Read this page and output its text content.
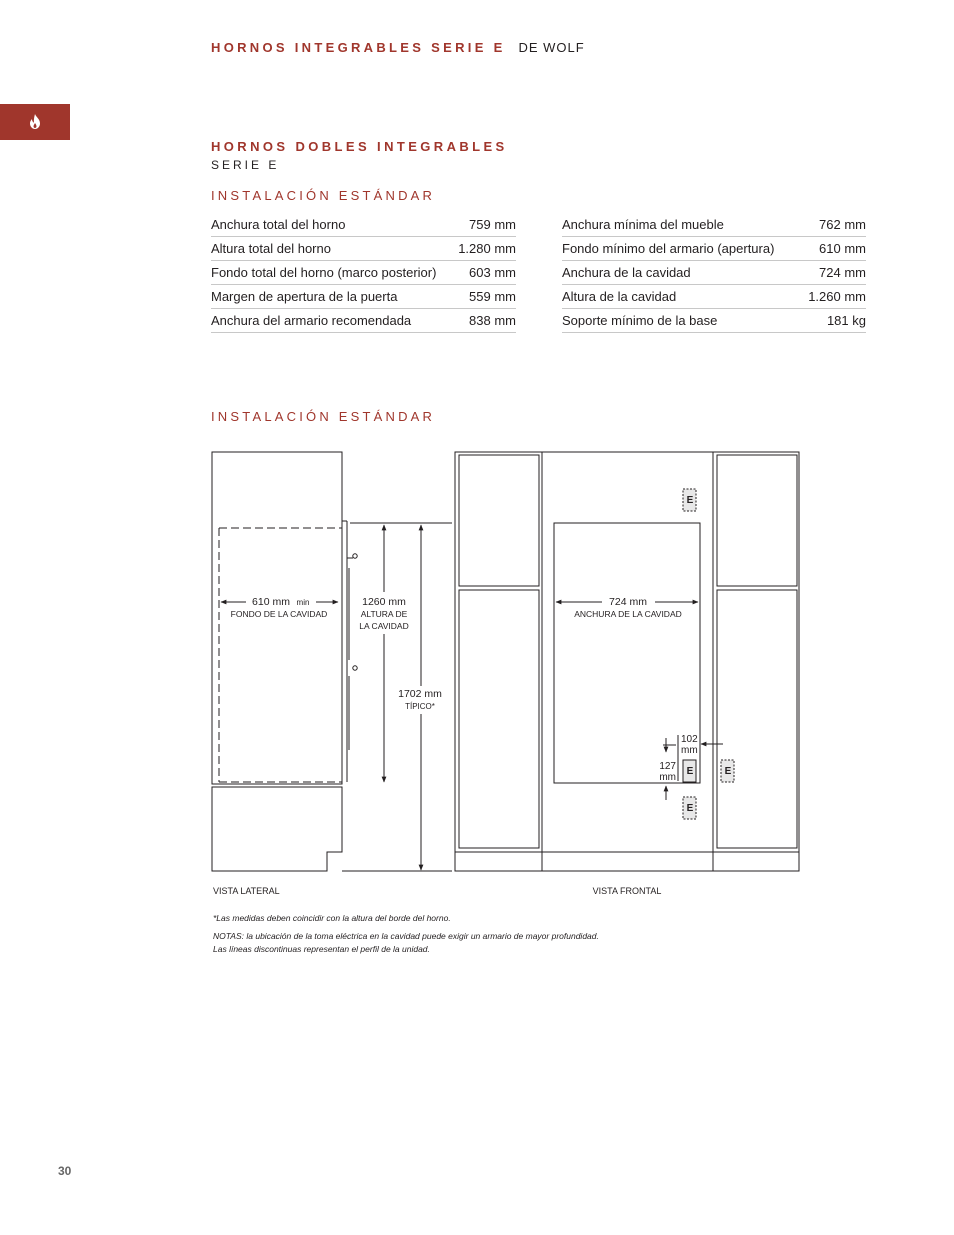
HORNOS INTEGRABLES SERIE E DE WOLF
HORNOS DOBLES INTEGRABLES
SERIE E
INSTALACIÓN ESTÁNDAR
Anchura total del horno	759 mm
Altura total del horno	1.280 mm
Fondo total del horno (marco posterior)	603 mm
Margen de apertura de la puerta	559 mm
Anchura del armario recomendada	838 mm
Anchura mínima del mueble	762 mm
Fondo mínimo del armario (apertura)	610 mm
Anchura de la cavidad	724 mm
Altura de la cavidad	1.260 mm
Soporte mínimo de la base	181 kg
INSTALACIÓN ESTÁNDAR
E
E
E
E
610 mm min
FONDO DE LA CAVIDAD
1260 mm
ALTURA DE
LA CAVIDAD
1702 mm
TÍPICO*
724 mm
ANCHURA DE LA CAVIDAD
102
mm
127
mm
VISTA LATERAL	VISTA FRONTAL
*Las medidas deben coincidir con la altura del borde del horno.
NOTAS: la ubicación de la toma eléctrica en la cavidad puede exigir un armario de mayor profundidad.
Las líneas discontinuas representan el perfil de la unidad.
30
